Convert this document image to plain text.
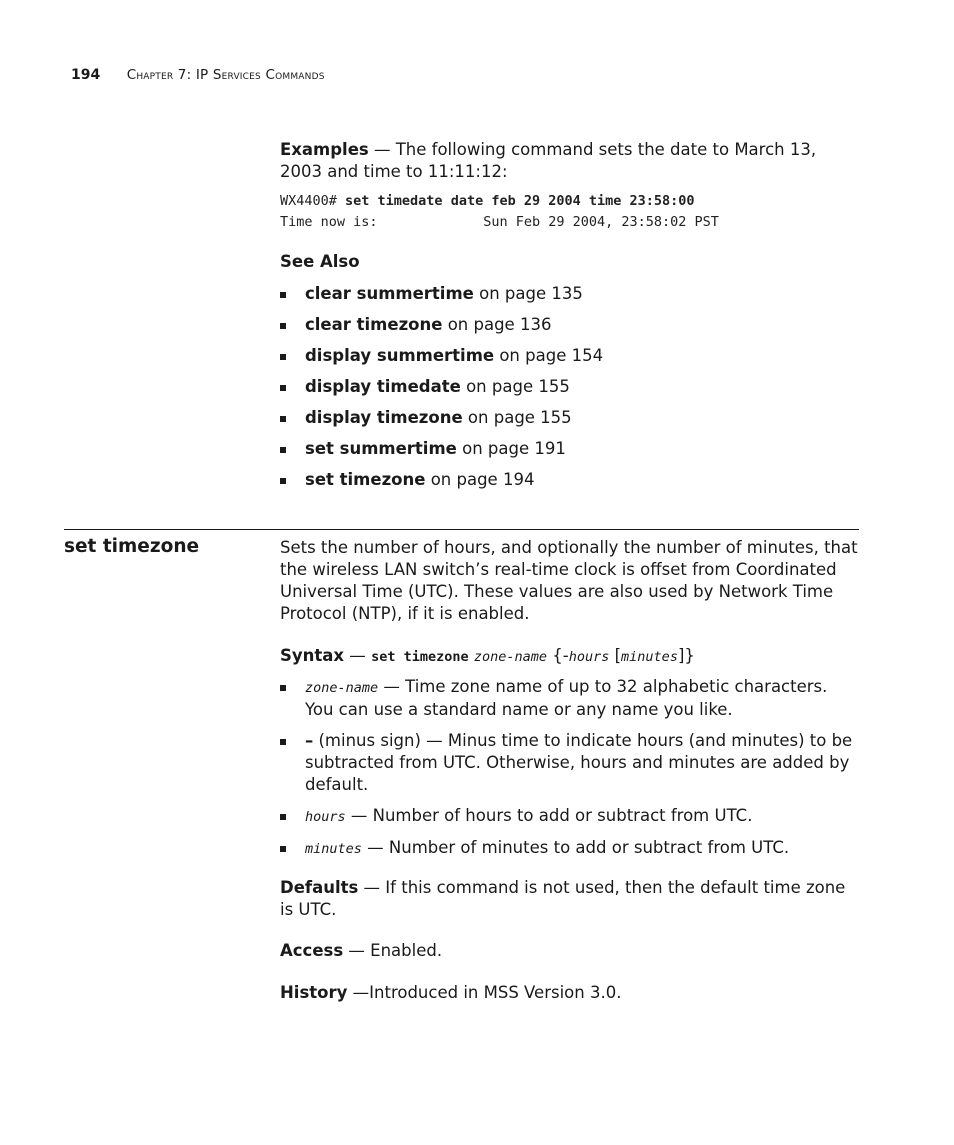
194 Chapter 7: IP Services Commands
Examples — The following command sets the date to March 13, 2003 and time to 11:11:12:
WX4400# set timedate date feb 29 2004 time 23:58:00
Time now is:             Sun Feb 29 2004, 23:58:02 PST
See Also
clear summertime on page 135
clear timezone on page 136
display summertime on page 154
display timedate on page 155
display timezone on page 155
set summertime on page 191
set timezone on page 194
set timezone	Sets the number of hours, and optionally the number of minutes, that the wireless LAN switch’s real-time clock is offset from Coordinated Universal Time (UTC). These values are also used by Network Time Protocol (NTP), if it is enabled.
Syntax — set timezone zone-name {-hours [minutes]}
zone-name — Time zone name of up to 32 alphabetic characters. You can use a standard name or any name you like.
– (minus sign) — Minus time to indicate hours (and minutes) to be subtracted from UTC. Otherwise, hours and minutes are added by default.
hours — Number of hours to add or subtract from UTC.
minutes — Number of minutes to add or subtract from UTC.
Defaults — If this command is not used, then the default time zone is UTC.
Access — Enabled.
History —Introduced in MSS Version 3.0.
